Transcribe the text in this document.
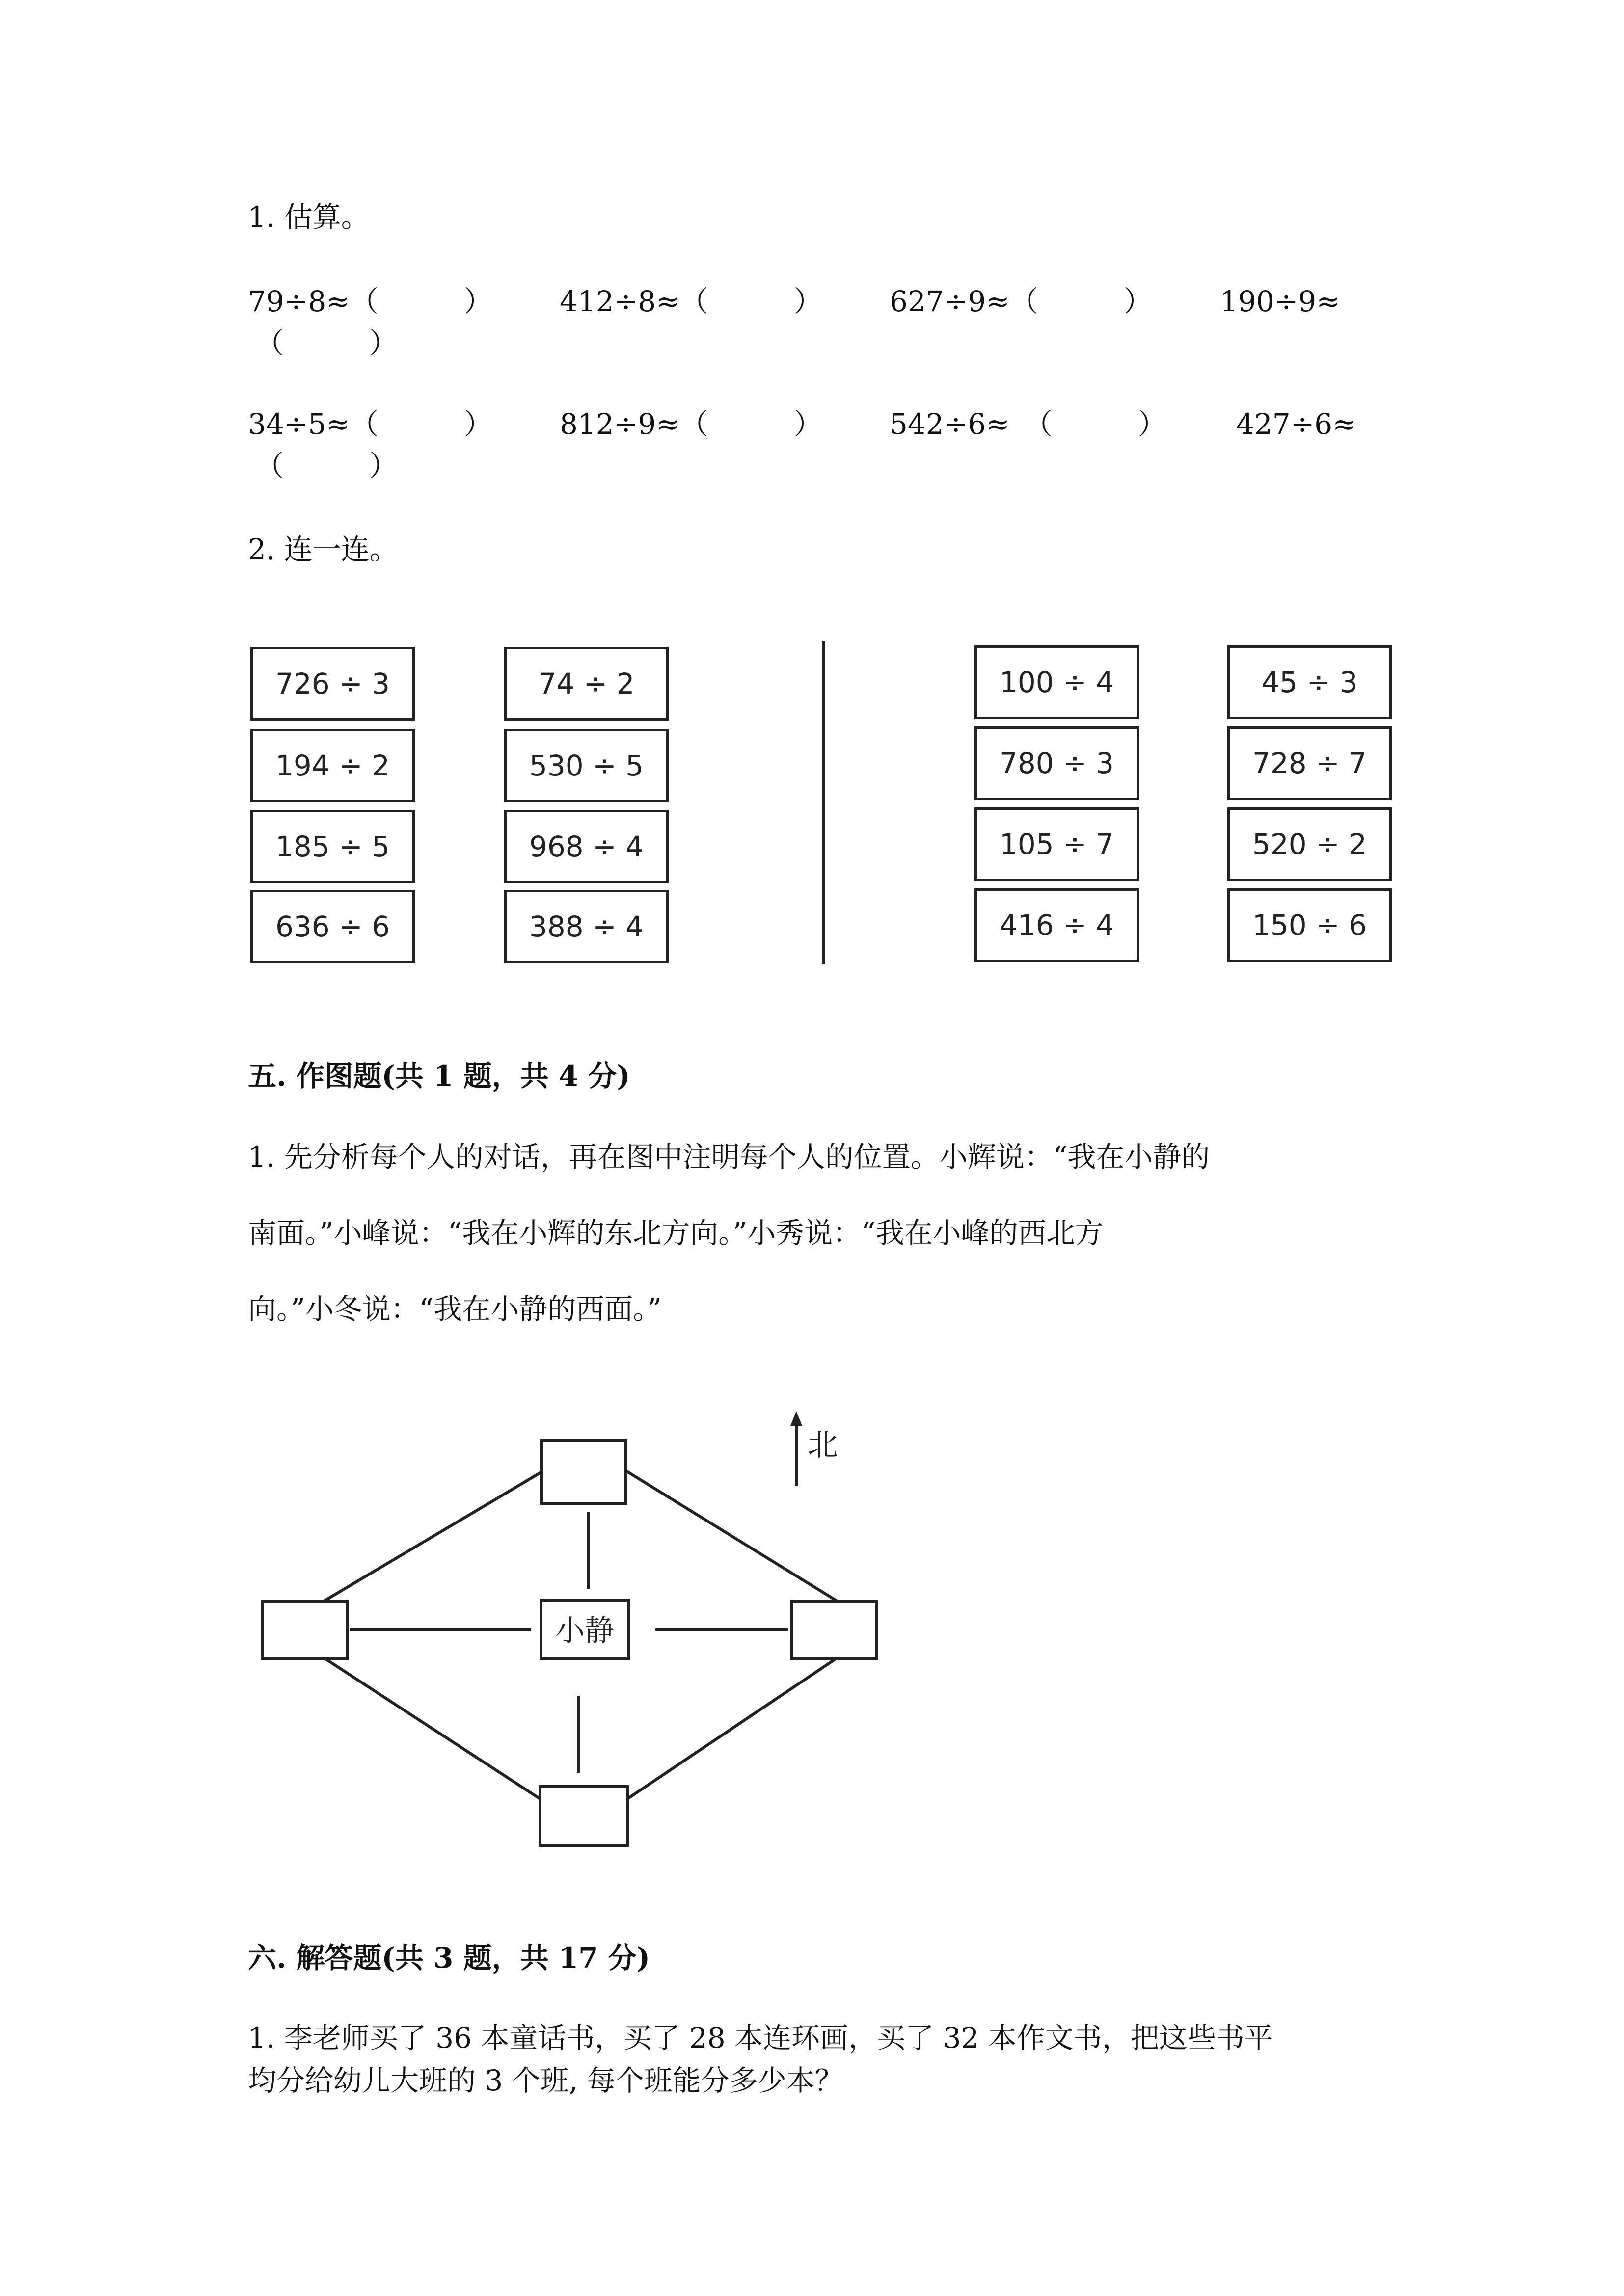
1. 估算。
79÷8≈（　　　） 412÷8≈（　　　） 627÷9≈（　　　） 190÷9≈
（　　　）
34÷5≈（　　　） 812÷9≈（　　　） 542÷6≈　（　　　） 427÷6≈
（　　　）
2. 连一连。
726 ÷ 3
194 ÷ 2
185 ÷ 5
636 ÷ 6
74 ÷ 2
530 ÷ 5
968 ÷ 4
388 ÷ 4
100 ÷ 4
780 ÷ 3
105 ÷ 7
416 ÷ 4
45 ÷ 3
728 ÷ 7
520 ÷ 2
150 ÷ 6
五. 作图题(共 1 题，共 4 分)
1. 先分析每个人的对话，再在图中注明每个人的位置。小辉说：“我在小静的
南面。”小峰说：“我在小辉的东北方向。”小秀说：“我在小峰的西北方
向。”小冬说：“我在小静的西面。”
北
小静
六. 解答题(共 3 题，共 17 分)
1. 李老师买了 36 本童话书，买了 28 本连环画，买了 32 本作文书，把这些书平
均分给幼儿大班的 3 个班, 每个班能分多少本？
